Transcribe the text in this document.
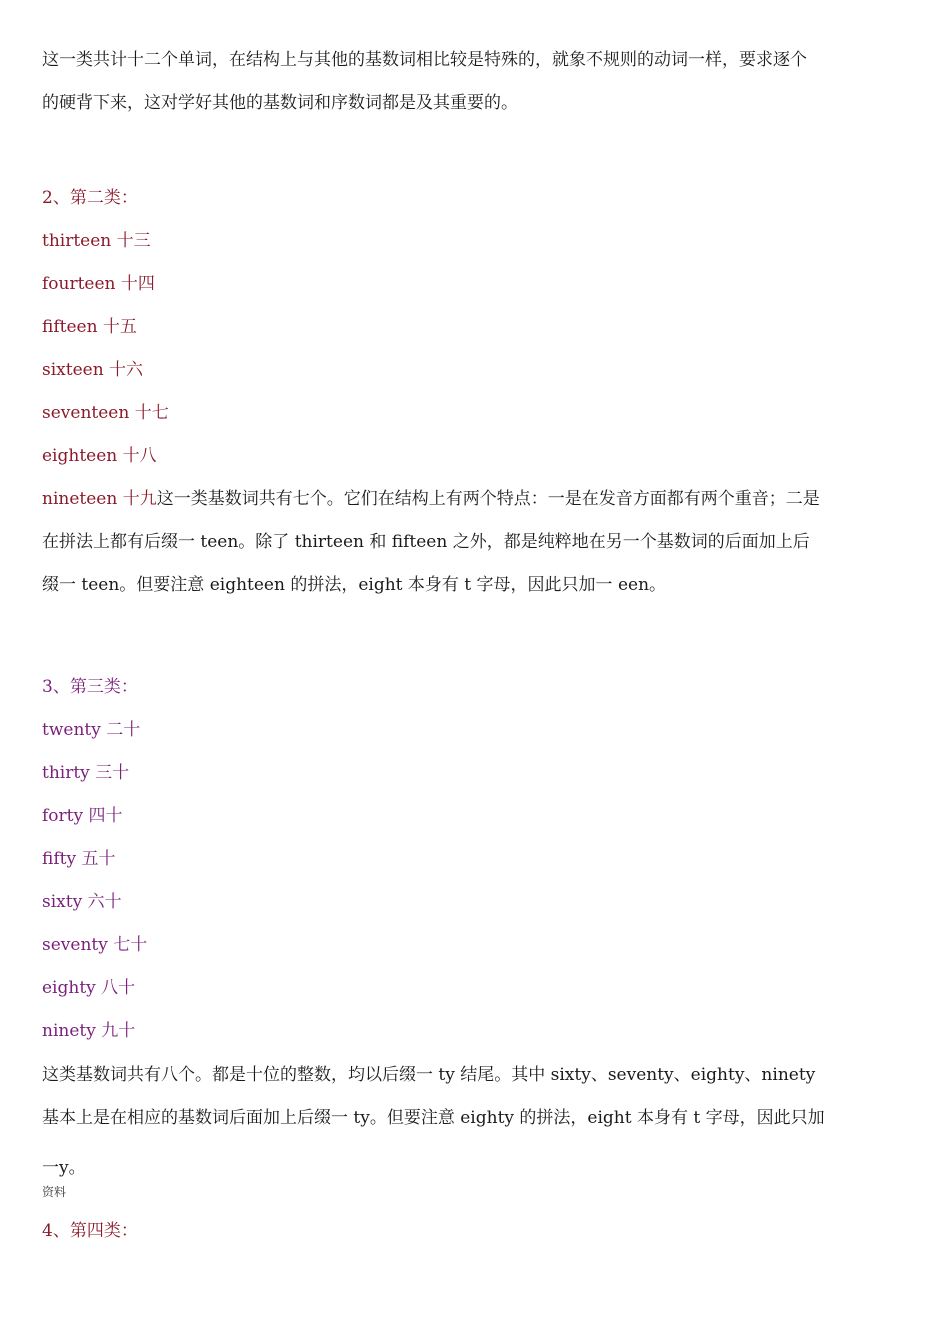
这一类共计十二个单词，在结构上与其他的基数词相比较是特殊的，就象不规则的动词一样，要求逐个
的硬背下来，这对学好其他的基数词和序数词都是及其重要的。
2、第二类：
thirteen 十三
fourteen 十四
fifteen 十五
sixteen 十六
seventeen 十七
eighteen 十八
nineteen 十九这一类基数词共有七个。它们在结构上有两个特点：一是在发音方面都有两个重音；二是
在拼法上都有后缀一 teen。除了 thirteen 和 fifteen 之外，都是纯粹地在另一个基数词的后面加上后
缀一 teen。但要注意 eighteen 的拼法，eight 本身有 t 字母，因此只加一 een。
3、第三类：
twenty 二十
thirty 三十
forty 四十
fifty 五十
sixty 六十
seventy 七十
eighty 八十
ninety 九十
这类基数词共有八个。都是十位的整数，均以后缀一 ty 结尾。其中 sixty、seventy、eighty、ninety
基本上是在相应的基数词后面加上后缀一 ty。但要注意 eighty 的拼法，eight 本身有 t 字母，因此只加
一y。
资料
4、第四类：
